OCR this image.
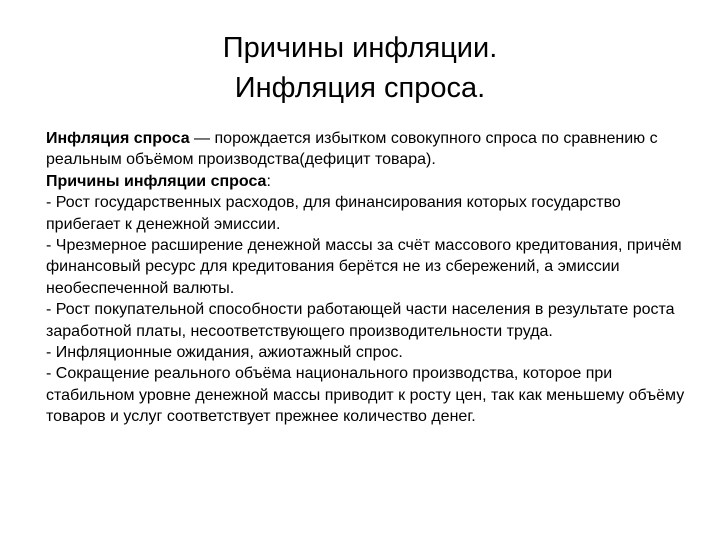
Причины инфляции.
Инфляция спроса.

Инфляция спроса — порождается избытком совокупного спроса по сравнению с реальным объёмом производства(дефицит товара).

Причины инфляции спроса:

- Рост государственных расходов, для финансирования которых государство прибегает к денежной эмиссии.

- Чрезмерное расширение денежной массы за счёт массового кредитования, причём финансовый ресурс для кредитования берётся не из сбережений, а эмиссии необеспеченной валюты.

- Рост покупательной способности работающей части населения в результате роста заработной платы, несоответствующего производительности труда.

- Инфляционные ожидания, ажиотажный спрос.

- Сокращение реального объёма национального производства, которое при стабильном уровне денежной массы приводит к росту цен, так как меньшему объёму товаров и услуг соответствует прежнее количество денег.
